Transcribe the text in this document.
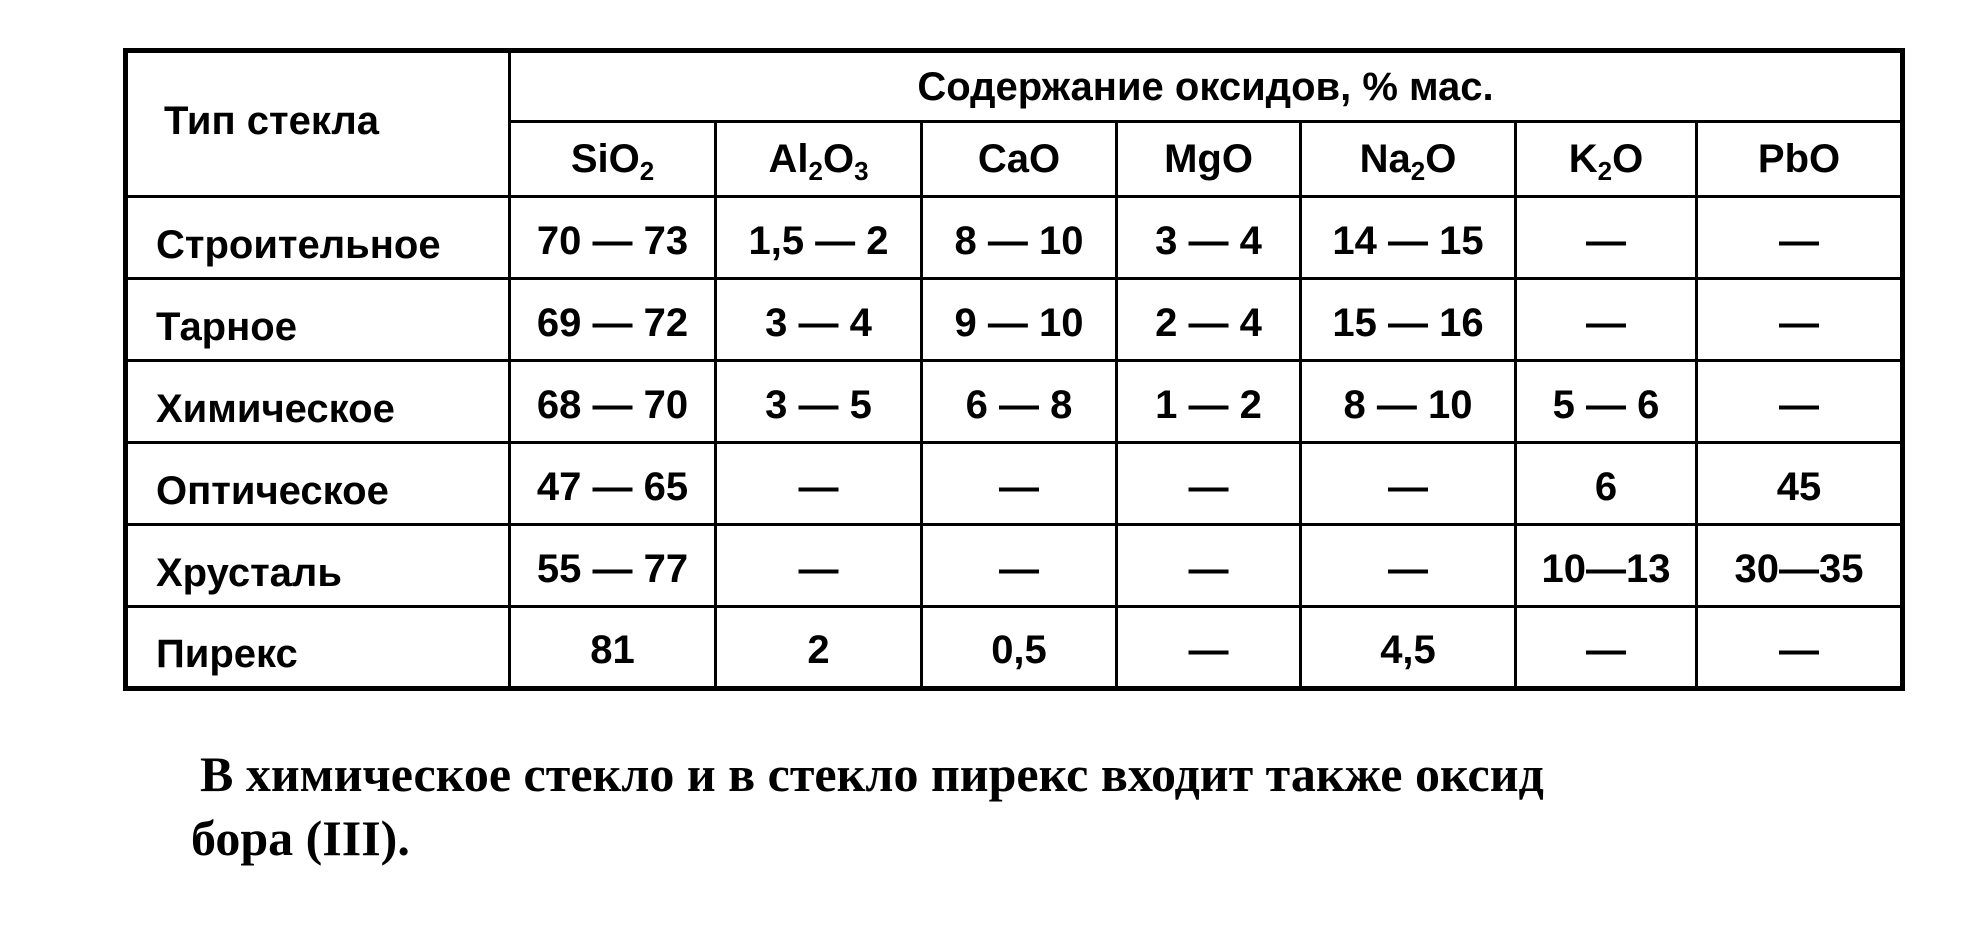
Тип стекла	Содержание оксидов, % мас.						
	SiO$_2$	$Al_2O_3$	CaO	MgO	$Na_2O$	$K_2O$	PbO
Строительное	70 — 73	1,5 — 2	8 — 10	3 — 4	14 — 15	—	—
Тарное	69 — 72	3 — 4	9 — 10	2 — 4	15 — 16	—	—
Химическое	68 — 70	3 — 5	6 — 8	1 — 2	8 — 10	5 — 6	—
Оптическое	47 — 65	—	—	—	—	6	45
Хрусталь	55 — 77	—	—	—	—	10—13	30—35
Пирекс	81	2	0,5	—	4,5	—	—

В химическое стекло и в стекло пирекс входит также оксид
бора (III).
